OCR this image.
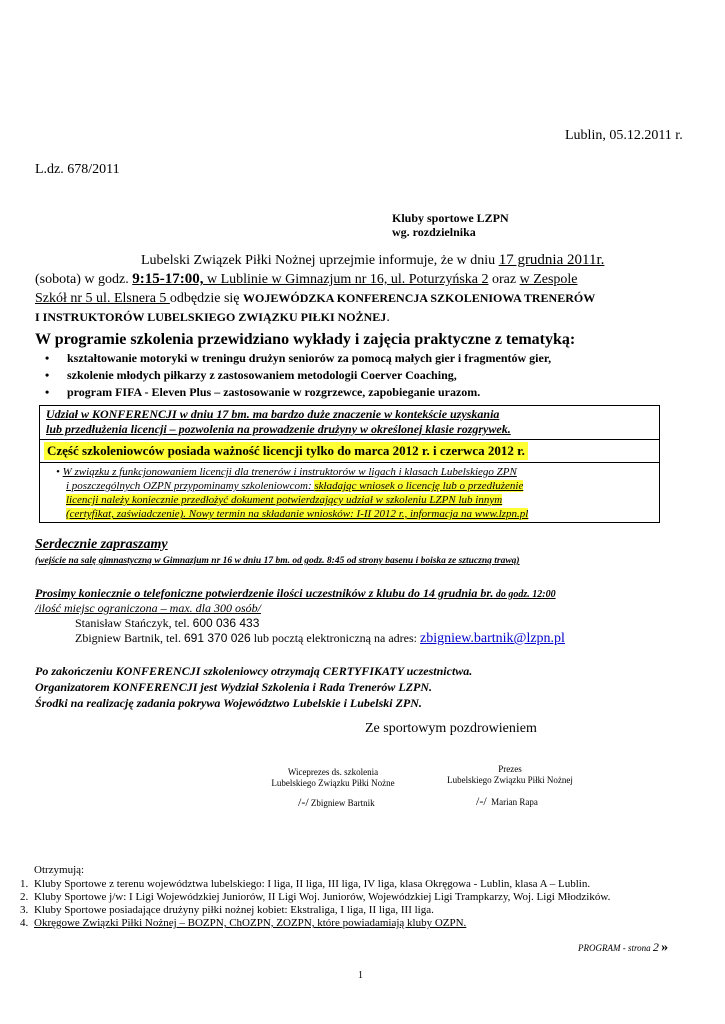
Lublin, 05.12.2011 r.
L.dz. 678/2011
Kluby sportowe LZPN
wg. rozdzielnika
Lubelski Związek Piłki Nożnej uprzejmie informuje, że w dniu 17 grudnia 2011r.
(sobota) w godz. 9:15-17:00, w Lublinie w Gimnazjum nr 16, ul. Poturzyńska 2 oraz w Zespole
Szkół nr 5 ul. Elsnera 5 odbędzie się WOJEWÓDZKA KONFERENCJA SZKOLENIOWA TRENERÓW
I INSTRUKTORÓW LUBELSKIEGO ZWIĄZKU PIŁKI NOŻNEJ.
W programie szkolenia przewidziano wykłady i zajęcia praktyczne z tematyką:
• kształtowanie motoryki w treningu drużyn seniorów za pomocą małych gier i fragmentów gier,
• szkolenie młodych piłkarzy z zastosowaniem metodologii Coerver Coaching,
• program FIFA - Eleven Plus – zastosowanie w rozgrzewce, zapobieganie urazom.
Udział w KONFERENCJI w dniu 17 bm. ma bardzo duże znaczenie w kontekście uzyskania
lub przedłużenia licencji – pozwolenia na prowadzenie drużyny w określonej klasie rozgrywek.
Część szkoleniowców posiada ważność licencji tylko do marca 2012 r. i czerwca 2012 r.
• W związku z funkcjonowaniem licencji dla trenerów i instruktorów w ligach i klasach Lubelskiego ZPN
i poszczególnych OZPN przypominamy szkoleniowcom: składając wniosek o licencję lub o przedłużenie
licencji należy koniecznie przedłożyć dokument potwierdzający udział w szkoleniu LZPN lub innym
(certyfikat, zaświadczenie). Nowy termin na składanie wniosków: I-II 2012 r., informacja na www.lzpn.pl
Serdecznie zapraszamy
(wejście na salę gimnastyczną w Gimnazjum nr 16 w dniu 17 bm. od godz. 8:45 od strony basenu i boiska ze sztuczną trawą)
Prosimy koniecznie o telefoniczne potwierdzenie ilości uczestników z klubu do 14 grudnia br. do godz. 12:00
/ilość miejsc ograniczona – max. dla 300 osób/
Stanisław Stańczyk, tel. 600 036 433
Zbigniew Bartnik, tel. 691 370 026 lub pocztą elektroniczną na adres: zbigniew.bartnik@lzpn.pl
Po zakończeniu KONFERENCJI szkoleniowcy otrzymają CERTYFIKATY uczestnictwa.
Organizatorem KONFERENCJI jest Wydział Szkolenia i Rada Trenerów LZPN.
Środki na realizację zadania pokrywa Województwo Lubelskie i Lubelski ZPN.
Ze sportowym pozdrowieniem
Wiceprezes ds. szkolenia
Lubelskiego Związku Piłki Nożne
/-/ Zbigniew Bartnik
Prezes
Lubelskiego Związku Piłki Nożnej
/-/ Marian Rapa
Otrzymują:
1. Kluby Sportowe z terenu województwa lubelskiego: I liga, II liga, III liga, IV liga, klasa Okręgowa - Lublin, klasa A – Lublin.
2. Kluby Sportowe j/w: I Ligi Wojewódzkiej Juniorów, II Ligi Woj. Juniorów, Wojewódzkiej Ligi Trampkarzy, Woj. Ligi Młodzików.
3. Kluby Sportowe posiadające drużyny piłki nożnej kobiet: Ekstraliga, I liga, II liga, III liga.
4. Okręgowe Związki Piłki Nożnej – BOZPN, ChOZPN, ZOZPN, które powiadamiają kluby OZPN.
PROGRAM - strona 2 »
1
